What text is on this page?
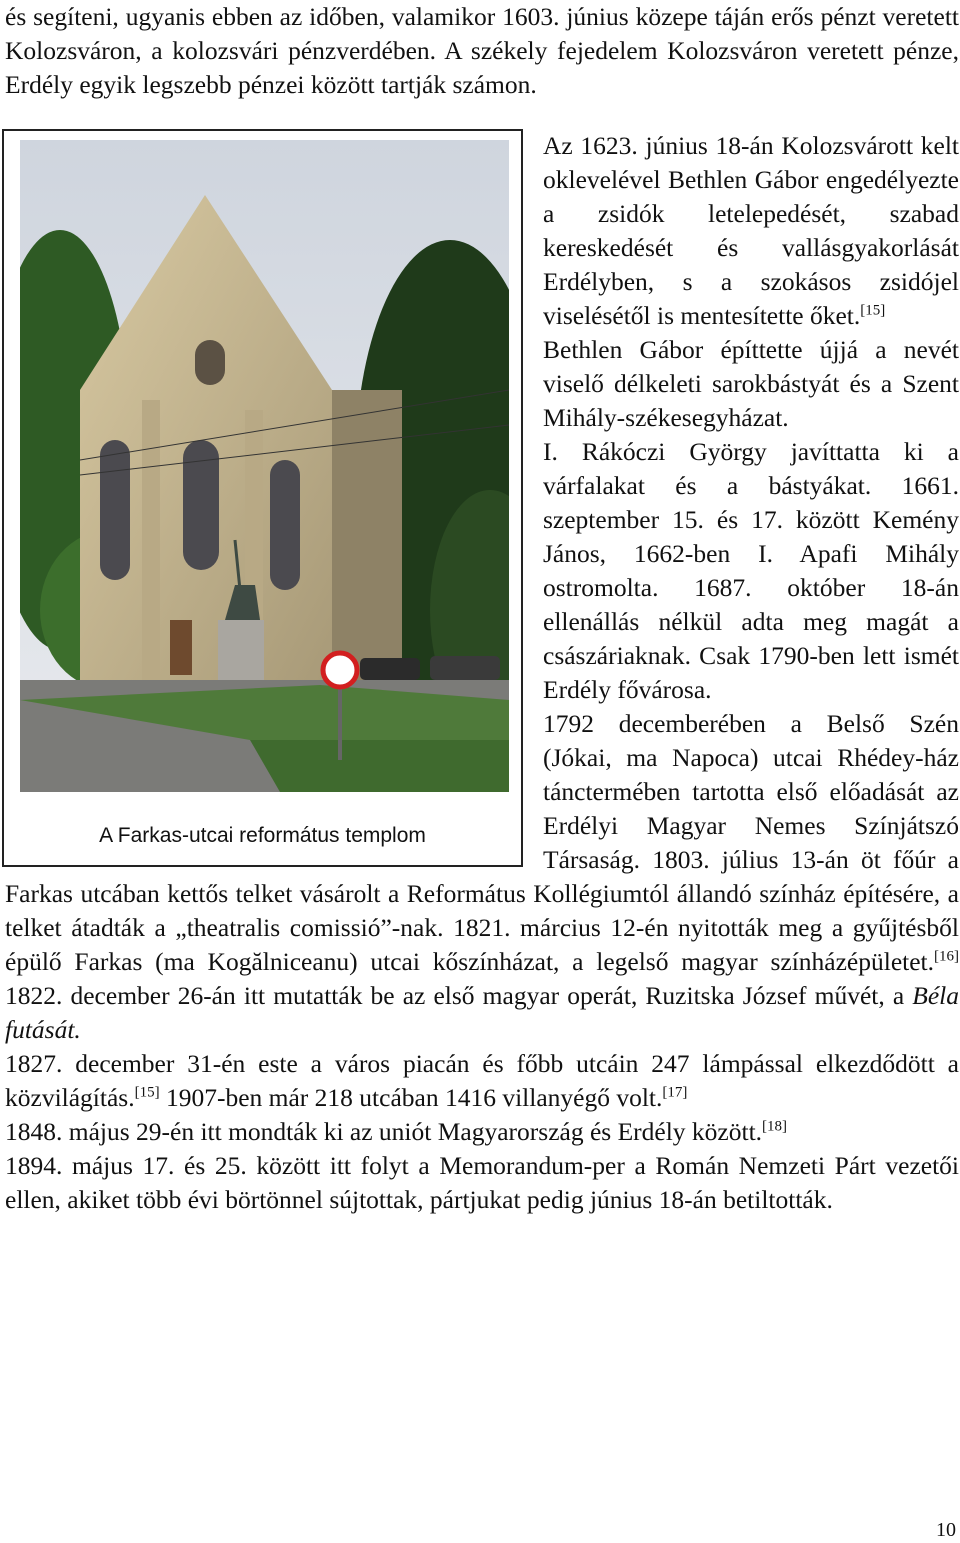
és segíteni, ugyanis ebben az időben, valamikor 1603. június közepe táján erős pénzt veretett Kolozsváron, a kolozsvári pénzverdében. A székely fejedelem Kolozsváron veretett pénze, Erdély egyik legszebb pénzei között tartják számon.

A Farkas-utcai református templom

Az 1623. június 18-án Kolozsvárott kelt oklevelével Bethlen Gábor engedélyezte a zsidók letelepedését, szabad kereskedését és vallásgyakorlását Erdélyben, s a szokásos zsidójel viselésétől is mentesítette őket.[15]

Bethlen Gábor építtette újjá a nevét viselő délkeleti sarokbástyát és a Szent Mihály-székesegyházat.

I. Rákóczi György javíttatta ki a várfalakat és a bástyákat. 1661. szeptember 15. és 17. között Kemény János, 1662-ben I. Apafi Mihály ostromolta. 1687. október 18-án ellenállás nélkül adta meg magát a császáriaknak. Csak 1790-ben lett ismét Erdély fővárosa.

1792 decemberében a Belső Szén (Jókai, ma Napoca) utcai Rhédey-ház tánctermében tartotta első előadását az Erdélyi Magyar Nemes Színjátszó Társaság. 1803. július 13-án öt főúr a Farkas utcában kettős telket vásárolt a Református Kollégiumtól állandó színház építésére, a telket átadták a „theatralis comissió”-nak. 1821. március 12-én nyitották meg a gyűjtésből épülő Farkas (ma Kogălniceanu) utcai kőszínházat, a legelső magyar színházépületet.[16] 1822. december 26-án itt mutatták be az első magyar operát, Ruzitska József művét, a Béla futását.

1827. december 31-én este a város piacán és főbb utcáin 247 lámpással elkezdődött a közvilágítás.[15] 1907-ben már 218 utcában 1416 villanyégő volt.[17]

1848. május 29-én itt mondták ki az uniót Magyarország és Erdély között.[18]

1894. május 17. és 25. között itt folyt a Memorandum-per a Román Nemzeti Párt vezetői ellen, akiket több évi börtönnel sújtottak, pártjukat pedig június 18-án betiltották.

10
